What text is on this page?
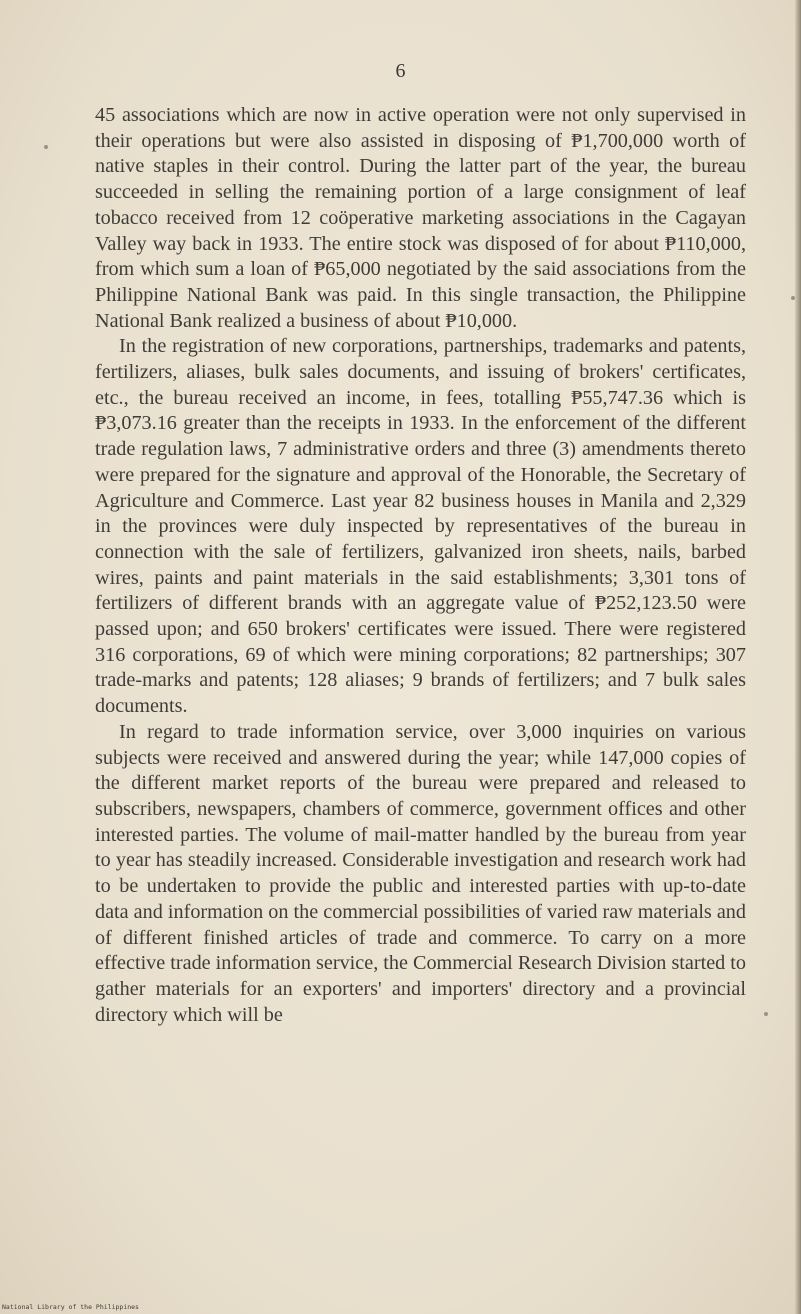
6

45 associations which are now in active operation were not only supervised in their operations but were also assisted in disposing of ₱1,700,000 worth of native staples in their control. During the latter part of the year, the bureau succeeded in selling the remaining portion of a large consignment of leaf tobacco received from 12 coöperative marketing associations in the Cagayan Valley way back in 1933. The entire stock was disposed of for about ₱110,000, from which sum a loan of ₱65,000 negotiated by the said associations from the Philippine National Bank was paid. In this single transaction, the Philippine National Bank realized a business of about ₱10,000.

In the registration of new corporations, partnerships, trademarks and patents, fertilizers, aliases, bulk sales documents, and issuing of brokers' certificates, etc., the bureau received an income, in fees, totalling ₱55,747.36 which is ₱3,073.16 greater than the receipts in 1933. In the enforcement of the different trade regulation laws, 7 administrative orders and three (3) amendments thereto were prepared for the signature and approval of the Honorable, the Secretary of Agriculture and Commerce. Last year 82 business houses in Manila and 2,329 in the provinces were duly inspected by representatives of the bureau in connection with the sale of fertilizers, galvanized iron sheets, nails, barbed wires, paints and paint materials in the said establishments; 3,301 tons of fertilizers of different brands with an aggregate value of ₱252,123.50 were passed upon; and 650 brokers' certificates were issued. There were registered 316 corporations, 69 of which were mining corporations; 82 partnerships; 307 trade-marks and patents; 128 aliases; 9 brands of fertilizers; and 7 bulk sales documents.

In regard to trade information service, over 3,000 inquiries on various subjects were received and answered during the year; while 147,000 copies of the different market reports of the bureau were prepared and released to subscribers, newspapers, chambers of commerce, government offices and other interested parties. The volume of mail-matter handled by the bureau from year to year has steadily increased. Considerable investigation and research work had to be undertaken to provide the public and interested parties with up-to-date data and information on the commercial possibilities of varied raw materials and of different finished articles of trade and commerce. To carry on a more effective trade information service, the Commercial Research Division started to gather materials for an exporters' and importers' directory and a provincial directory which will be

National Library of the Philippines
